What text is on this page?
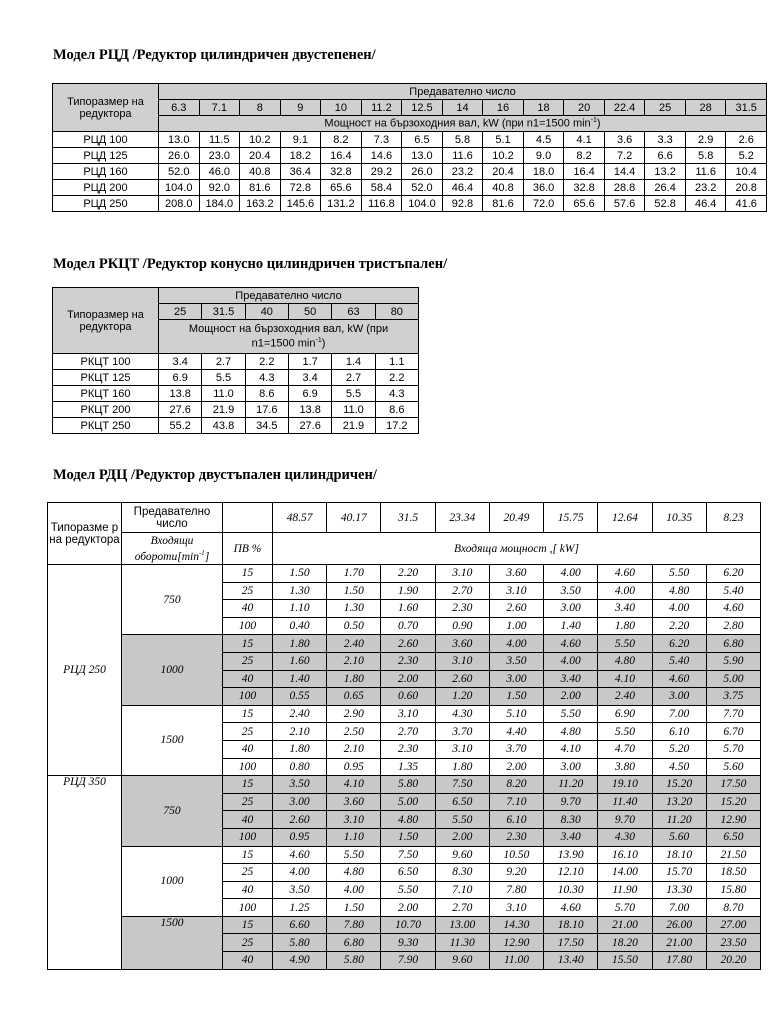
Модел РЦД /Редуктор цилиндричен двустепенен/
Типоразмер на редуктора	Предавателно число														
	6.3	7.1	8	9	10	11.2	12.5	14	16	18	20	22.4	25	28	31.5
	Мощност на бързоходния вал, kW (при n1=1500 $\min^{-1}$)														
РЦД 100	13.0	11.5	10.2	9.1	8.2	7.3	6.5	5.8	5.1	4.5	4.1	3.6	3.3	2.9	2.6
РЦД 125	26.0	23.0	20.4	18.2	16.4	14.6	13.0	11.6	10.2	9.0	8.2	7.2	6.6	5.8	5.2
РЦД 160	52.0	46.0	40.8	36.4	32.8	29.2	26.0	23.2	20.4	18.0	16.4	14.4	13.2	11.6	10.4
РЦД 200	104.0	92.0	81.6	72.8	65.6	58.4	52.0	46.4	40.8	36.0	32.8	28.8	26.4	23.2	20.8
РЦД 250	208.0	184.0	163.2	145.6	131.2	116.8	104.0	92.8	81.6	72.0	65.6	57.6	52.8	46.4	41.6
Модел РКЦТ /Редуктор конусно цилиндричен тристъпален/
Типоразмер на редуктора	Предавателно число					
	25	31.5	40	50	63	80
	Мощност на бързоходния вал, kW (при
n1=1500 $\min^{-1}$)					
РКЦТ 100	3.4	2.7	2.2	1.7	1.4	1.1
РКЦТ 125	6.9	5.5	4.3	3.4	2.7	2.2
РКЦТ 160	13.8	11.0	8.6	6.9	5.5	4.3
РКЦТ 200	27.6	21.9	17.6	13.8	11.0	8.6
РКЦТ 250	55.2	43.8	34.5	27.6	21.9	17.2
Модел РДЦ /Редуктор двустъпален цилиндричен/
Типоразме р на редуктора	Предавателно число		48.57	40.17	31.5	23.34	20.49	15.75	12.64	10.35	8.23
	Входящи $обороти[\min^{-1}]$	ПВ %	Входяща мощност ,[ kW]								
РЦД 250	750	15	1.50	1.70	2.20	3.10	3.60	4.00	4.60	5.50	6.20
		25	1.30	1.50	1.90	2.70	3.10	3.50	4.00	4.80	5.40
		40	1.10	1.30	1.60	2.30	2.60	3.00	3.40	4.00	4.60
		100	0.40	0.50	0.70	0.90	1.00	1.40	1.80	2.20	2.80
	1000	15	1.80	2.40	2.60	3.60	4.00	4.60	5.50	6.20	6.80
		25	1.60	2.10	2.30	3.10	3.50	4.00	4.80	5.40	5.90
		40	1.40	1.80	2.00	2.60	3.00	3.40	4.10	4.60	5.00
		100	0.55	0.65	0.60	1.20	1.50	2.00	2.40	3.00	3.75
	1500	15	2.40	2.90	3.10	4.30	5.10	5.50	6.90	7.00	7.70
		25	2.10	2.50	2.70	3.70	4.40	4.80	5.50	6.10	6.70
		40	1.80	2.10	2.30	3.10	3.70	4.10	4.70	5.20	5.70
		100	0.80	0.95	1.35	1.80	2.00	3.00	3.80	4.50	5.60
РЦД 350	750	15	3.50	4.10	5.80	7.50	8.20	11.20	19.10	15.20	17.50
		25	3.00	3.60	5.00	6.50	7.10	9.70	11.40	13.20	15.20
		40	2.60	3.10	4.80	5.50	6.10	8.30	9.70	11.20	12.90
		100	0.95	1.10	1.50	2.00	2.30	3.40	4.30	5.60	6.50
	1000	15	4.60	5.50	7.50	9.60	10.50	13.90	16.10	18.10	21.50
		25	4.00	4.80	6.50	8.30	9.20	12.10	14.00	15.70	18.50
		40	3.50	4.00	5.50	7.10	7.80	10.30	11.90	13.30	15.80
		100	1.25	1.50	2.00	2.70	3.10	4.60	5.70	7.00	8.70
	1500	15	6.60	7.80	10.70	13.00	14.30	18.10	21.00	26.00	27.00
		25	5.80	6.80	9.30	11.30	12.90	17.50	18.20	21.00	23.50
		40	4.90	5.80	7.90	9.60	11.00	13.40	15.50	17.80	20.20
